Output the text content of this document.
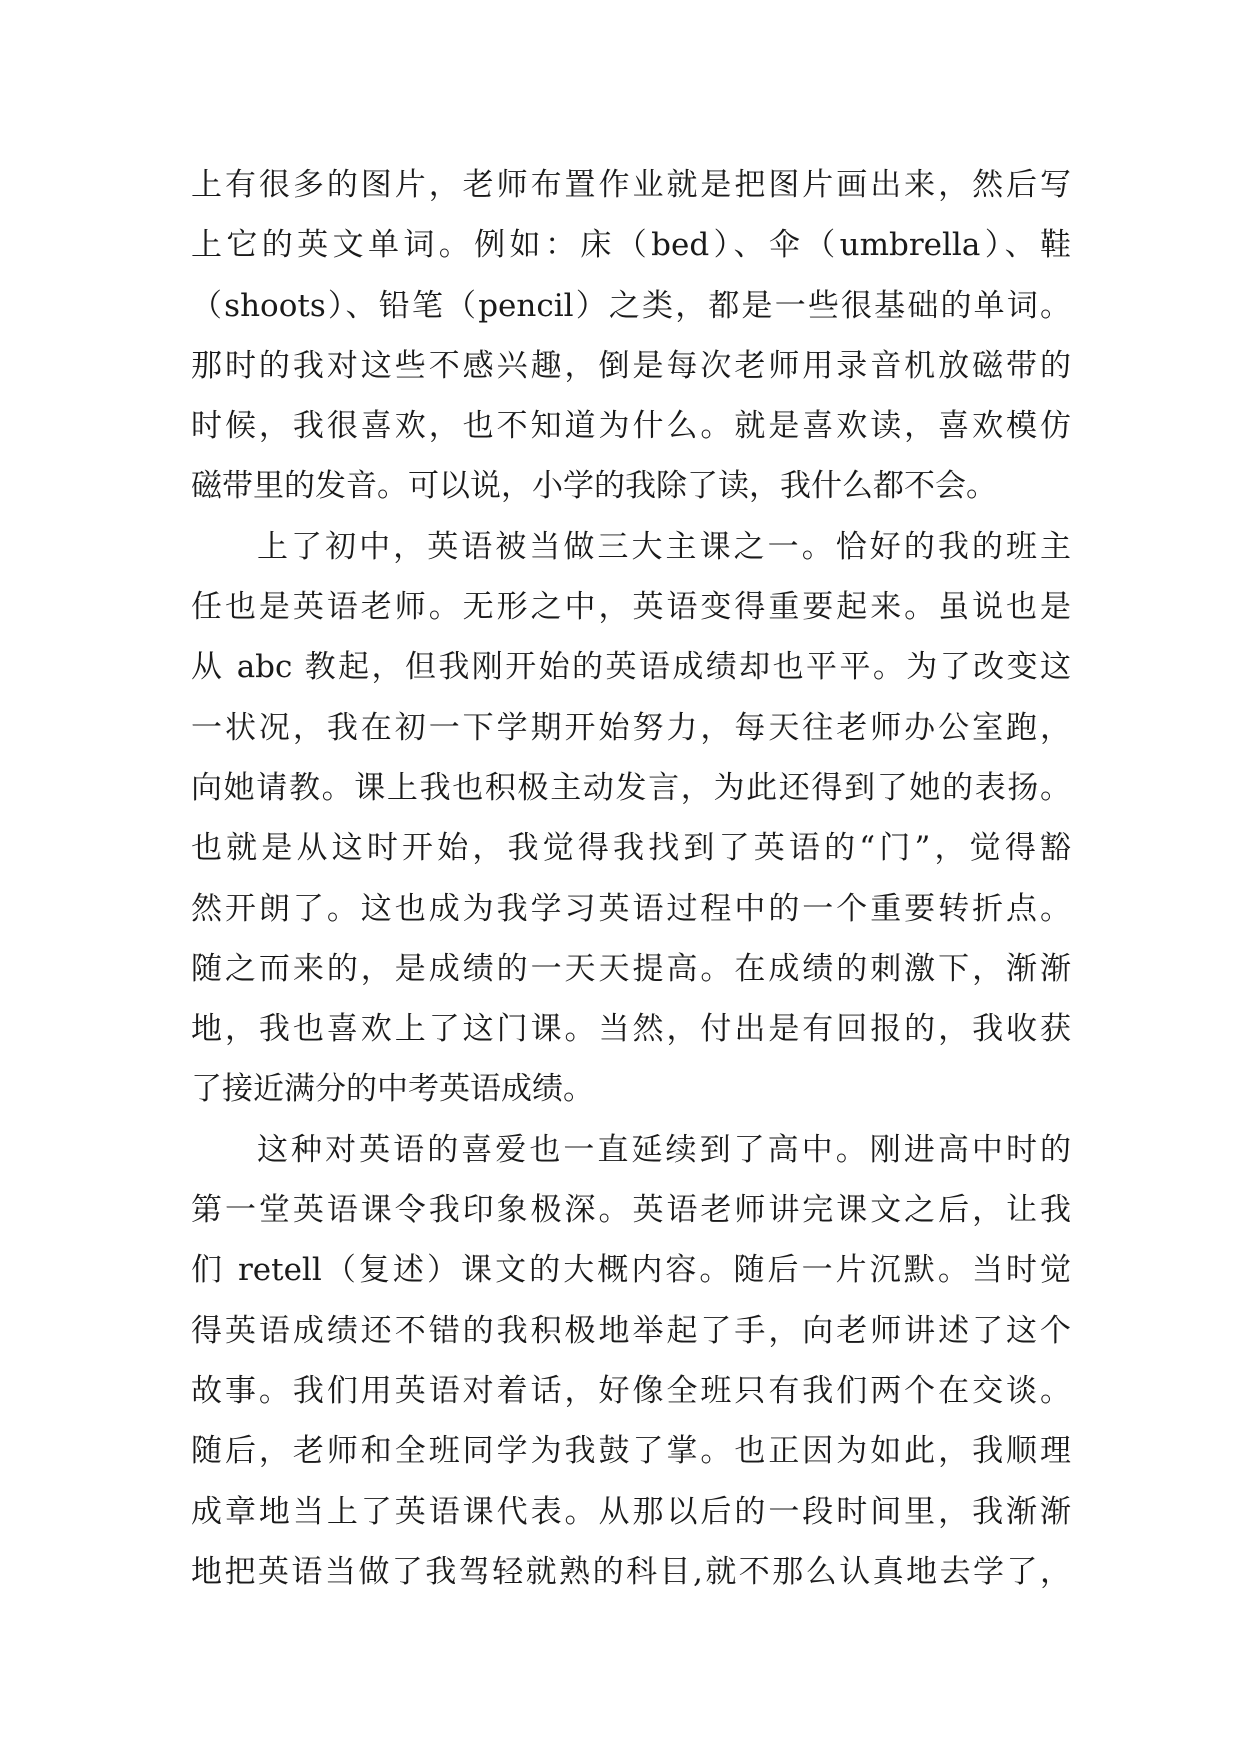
上有很多的图片，老师布置作业就是把图片画出来，然后写
上它的英文单词。例如：床（bed）、伞（umbrella）、鞋
（shoots）、铅笔（pencil）之类，都是一些很基础的单词。
那时的我对这些不感兴趣，倒是每次老师用录音机放磁带的
时候，我很喜欢，也不知道为什么。就是喜欢读，喜欢模仿
磁带里的发音。可以说，小学的我除了读，我什么都不会。
上了初中，英语被当做三大主课之一。恰好的我的班主
任也是英语老师。无形之中，英语变得重要起来。虽说也是
从 abc 教起，但我刚开始的英语成绩却也平平。为了改变这
一状况，我在初一下学期开始努力，每天往老师办公室跑，
向她请教。课上我也积极主动发言，为此还得到了她的表扬。
也就是从这时开始，我觉得我找到了英语的“门”，觉得豁
然开朗了。这也成为我学习英语过程中的一个重要转折点。
随之而来的，是成绩的一天天提高。在成绩的刺激下，渐渐
地，我也喜欢上了这门课。当然，付出是有回报的，我收获
了接近满分的中考英语成绩。
这种对英语的喜爱也一直延续到了高中。刚进高中时的
第一堂英语课令我印象极深。英语老师讲完课文之后，让我
们 retell（复述）课文的大概内容。随后一片沉默。当时觉
得英语成绩还不错的我积极地举起了手，向老师讲述了这个
故事。我们用英语对着话，好像全班只有我们两个在交谈。
随后，老师和全班同学为我鼓了掌。也正因为如此，我顺理
成章地当上了英语课代表。从那以后的一段时间里，我渐渐
地把英语当做了我驾轻就熟的科目,就不那么认真地去学了，
